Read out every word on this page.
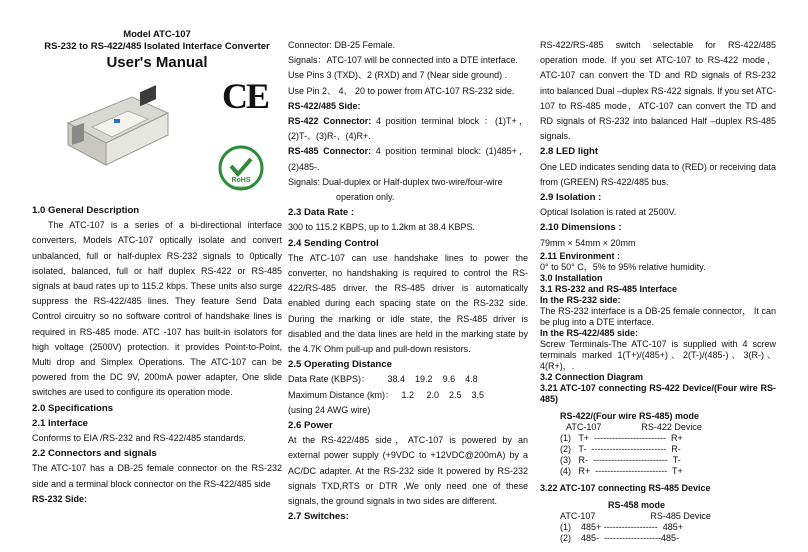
Model ATC-107
RS-232 to RS-422/485 Isolated Interface Converter
User's Manual
CE
RoHS
Compliant
1.0 General Description
The ATC-107 is a series of a bi-directional interface converters, Models ATC-107 optically isolate and convert unbalanced, full or half-duplex RS-232 signals to 0ptically isolated, balanced, full or half duplex RS-422 or RS-485 signals at baud rates up to 115.2 kbps. These units also surge suppress the RS-422/485 lines. They feature Send Data Control circuitry so no software control of handshake lines is required in RS-485 mode. ATC -107 has built-in isolators for high voltage (2500V) protection. it provides Point-to-Point, Multi drop and Simplex Operations. The ATC-107 can be powered from the DC 9V, 200mA power adapter, One slide switches are used to configure its operation mode.
2.0 Specifications
2.1 Interface
Conforms to EIA /RS-232 and RS-422/485 standards.
2.2 Connectors and signals
The ATC-107 has a DB-25 female connector on the RS-232 side and a terminal block connector on the RS-422/485 side
RS-232 Side:
Connector: DB-25 Female.
Signals：ATC-107 will be connected into a DTE interface.
Use Pins 3 (TXD)、2 (RXD) and 7 (Near side ground) .
Use Pin 2、 4、 20 to power from ATC-107 RS-232 side.
RS-422/485 Side:
RS-422 Connector: 4 position terminal block ：(1)T+，(2)T-、(3)R-、(4)R+.
RS-485 Connector: 4 position terminal block: (1)485+，(2)485-.
Signals: Dual-duplex or Half-duplex two-wire/four-wire
operation only.
2.3 Data Rate :
300 to 115.2 KBPS, up to 1.2km at 38.4 KBPS.
2.4 Sending Control
The ATC-107 can use handshake lines to power the converter, no handshaking is required to control the RS-422/RS-485 driver. the RS-485 driver is automatically enabled during each spacing state on the RS-232 side. During the marking or idle state, the RS-485 driver is disabled and the data lines are held in the marking state by the 4.7K Ohm pull-up and pull-down resistors.
2.5 Operating Distance
Data Rate (KBPS)：       38.4    19.2    9.6    4.8
Maximum Distance (km)：   1.2     2.0    2.5    3.5
(using 24 AWG wire)
2.6 Power
At the RS-422/485 side，ATC-107 is powered by an external power supply (+9VDC to +12VDC@200mA) by a AC/DC adapter. At the RS-232 side It powered by RS-232 signals TXD,RTS or DTR ,We only need one of these signals, the ground signals in two sides are different.
2.7 Switches:
RS-422/RS-485 switch selectable for RS-422/485 operation mode. If you set ATC-107 to RS-422 mode，ATC-107 can convert the TD and RD signals of RS-232 into balanced Dual –duplex RS-422 signals. If you set ATC-107 to RS-485 mode，ATC-107 can convert the TD and RD signals of RS-232 into balanced Half –duplex RS-485 signals.
2.8 LED light
One LED indicates sending data to (RED) or receiving data from (GREEN) RS-422/485 bus.
2.9 Isolation :
Optical Isolation is rated at 2500V.
2.10 Dimensions :
79mm × 54mm × 20mm
2.11 Environment :
0° to 50° C，5% to 95% relative humidity.
3.0 Installation
3.1 RS-232 and RS-485 Interface
In the RS-232 side:
The RS-232 interface is a DB-25 female connector， It can be plug into a DTE interface.
In the RS-422/485 side:
Screw Terminals-The ATC-107 is supplied with 4 screw terminals marked 1(T+)/(485+)、2(T-)/(485-)、3(R-)、4(R+)，.
3.2 Connection Diagram
3.21 ATC-107 connecting RS-422 Device/(Four wire RS-485)
RS-422/(Four wire RS-485) mode
ATC-107                RS-422 Device
(1)   T+  ------------------------  R+
(2)   T-  -------------------------  R-
(3)   R-  -------------------------  T-
(4)   R+  ------------------------  T+
3.22 ATC-107 connecting RS-485 Device
RS-458 mode
ATC-107                      RS-485 Device
(1)    485+ ------------------  485+
(2)    485-  -------------------485-
